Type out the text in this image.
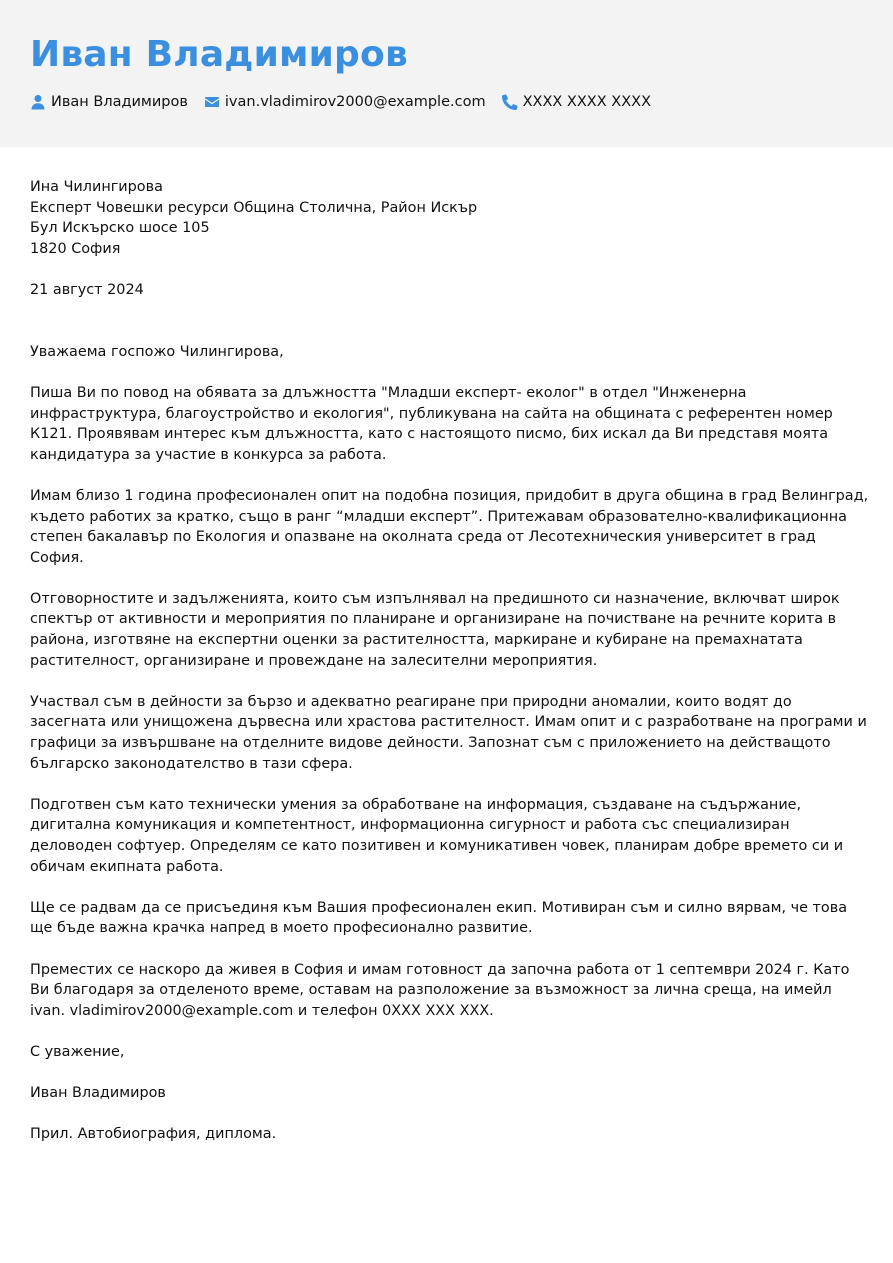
Иван Владимиров
Иван Владимиров	ivan.vladimirov2000@example.com	XXXX XXXX XXXX

Ина Чилингирова

Експерт Човешки ресурси Община Столична, Район Искър

Бул Искърско шосе 105

1820 София

21 август 2024

Уважаема госпожо Чилингирова,

Пиша Ви по повод на обявата за длъжността "Младши експерт- еколог" в отдел "Инженерна инфраструктура, благоустройство и екология", публикувана на сайта на общината с референтен номер К121. Проявявам интерес към длъжността, като с настоящото писмо, бих искал да Ви представя моята кандидатура за участие в конкурса за работа.

Имам близо 1 година професионален опит на подобна позиция, придобит в друга община в град Велинград, където работих за кратко, също в ранг “младши експерт”. Притежавам образователно-квалификационна степен бакалавър по Екология и опазване на околната среда от Лесотехническия университет в град София.

Отговорностите и задълженията, които съм изпълнявал на предишното си назначение, включват широк спектър от активности и мероприятия по планиране и организиране на почистване на речните корита в района, изготвяне на експертни оценки за растителността, маркиране и кубиране на премахнатата растителност, организиране и провеждане на залесителни мероприятия.

Участвал съм в дейности за бързо и адекватно реагиране при природни аномалии, които водят до засегната или унищожена дървесна или храстова растителност. Имам опит и с разработване на програми и графици за извършване на отделните видове дейности. Запознат съм с приложението на действащото българско законодателство в тази сфера.

Подготвен съм като технически умения за обработване на информация, създаване на съдържание, дигитална комуникация и компетентност, информационна сигурност и работа със специализиран деловоден софтуер. Определям се като позитивен и комуникативен човек, планирам добре времето си и обичам екипната работа.

Ще се радвам да се присъединя към Вашия професионален екип. Мотивиран съм и силно вярвам, че това ще бъде важна крачка напред в моето професионално развитие.

Преместих се наскоро да живея в София и имам готовност да започна работа от 1 септември 2024 г. Като Ви благодаря за отделеното време, оставам на разположение за възможност за лична среща, на имейл ivan. vladimirov2000@example.com и телефон 0XXX XXX XXX.

С уважение,

Иван Владимиров

Прил. Автобиография, диплома.
